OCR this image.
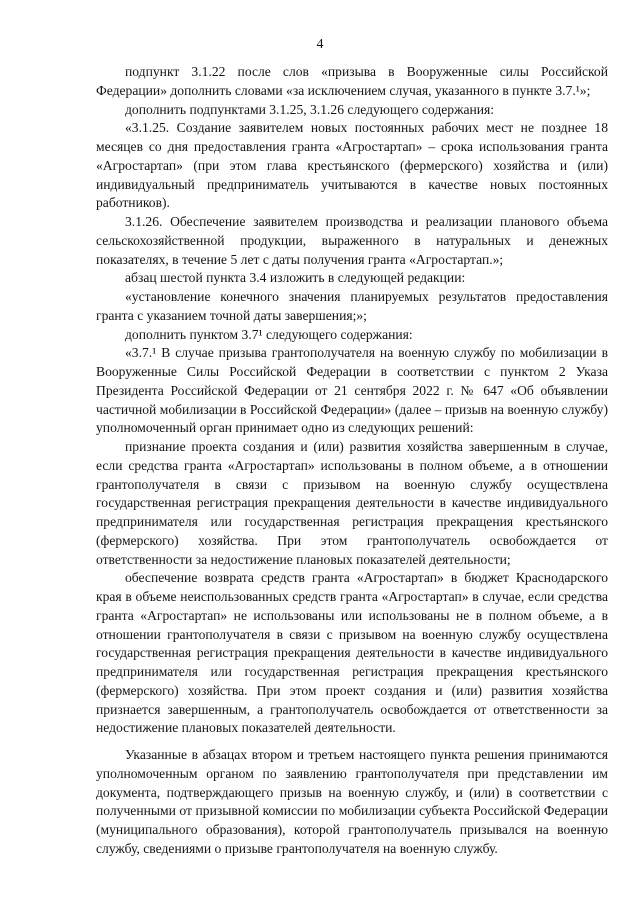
4

подпункт 3.1.22 после слов «призыва в Вооруженные силы Российской Федерации» дополнить словами «за исключением случая, указанного в пункте 3.7.¹»;

дополнить подпунктами 3.1.25, 3.1.26 следующего содержания:

«3.1.25. Создание заявителем новых постоянных рабочих мест не позднее 18 месяцев со дня предоставления гранта «Агростартап» – срока использования гранта «Агростартап» (при этом глава крестьянского (фермерского) хозяйства и (или) индивидуальный предприниматель учитываются в качестве новых постоянных работников).

3.1.26. Обеспечение заявителем производства и реализации планового объема сельскохозяйственной продукции, выраженного в натуральных и денежных показателях, в течение 5 лет с даты получения гранта «Агростартап.»;

абзац шестой пункта 3.4 изложить в следующей редакции:

«установление конечного значения планируемых результатов предоставления гранта с указанием точной даты завершения;»;

дополнить пунктом 3.7¹ следующего содержания:

«3.7.¹ В случае призыва грантополучателя на военную службу по мобилизации в Вооруженные Силы Российской Федерации в соответствии с пунктом 2 Указа Президента Российской Федерации от 21 сентября 2022 г. № 647 «Об объявлении частичной мобилизации в Российской Федерации» (далее – призыв на военную службу) уполномоченный орган принимает одно из следующих решений:

признание проекта создания и (или) развития хозяйства завершенным в случае, если средства гранта «Агростартап» использованы в полном объеме, а в отношении грантополучателя в связи с призывом на военную службу осуществлена государственная регистрация прекращения деятельности в качестве индивидуального предпринимателя или государственная регистрация прекращения крестьянского (фермерского) хозяйства. При этом грантополучатель освобождается от ответственности за недостижение плановых показателей деятельности;

обеспечение возврата средств гранта «Агростартап» в бюджет Краснодарского края в объеме неиспользованных средств гранта «Агростартап» в случае, если средства гранта «Агростартап» не использованы или использованы не в полном объеме, а в отношении грантополучателя в связи с призывом на военную службу осуществлена государственная регистрация прекращения деятельности в качестве индивидуального предпринимателя или государственная регистрация прекращения крестьянского (фермерского) хозяйства. При этом проект создания и (или) развития хозяйства признается завершенным, а грантополучатель освобождается от ответственности за недостижение плановых показателей деятельности.

Указанные в абзацах втором и третьем настоящего пункта решения принимаются уполномоченным органом по заявлению грантополучателя при представлении им документа, подтверждающего призыв на военную службу, и (или) в соответствии с полученными от призывной комиссии по мобилизации субъекта Российской Федерации (муниципального образования), которой грантополучатель призывался на военную службу, сведениями о призыве грантополучателя на военную службу.
